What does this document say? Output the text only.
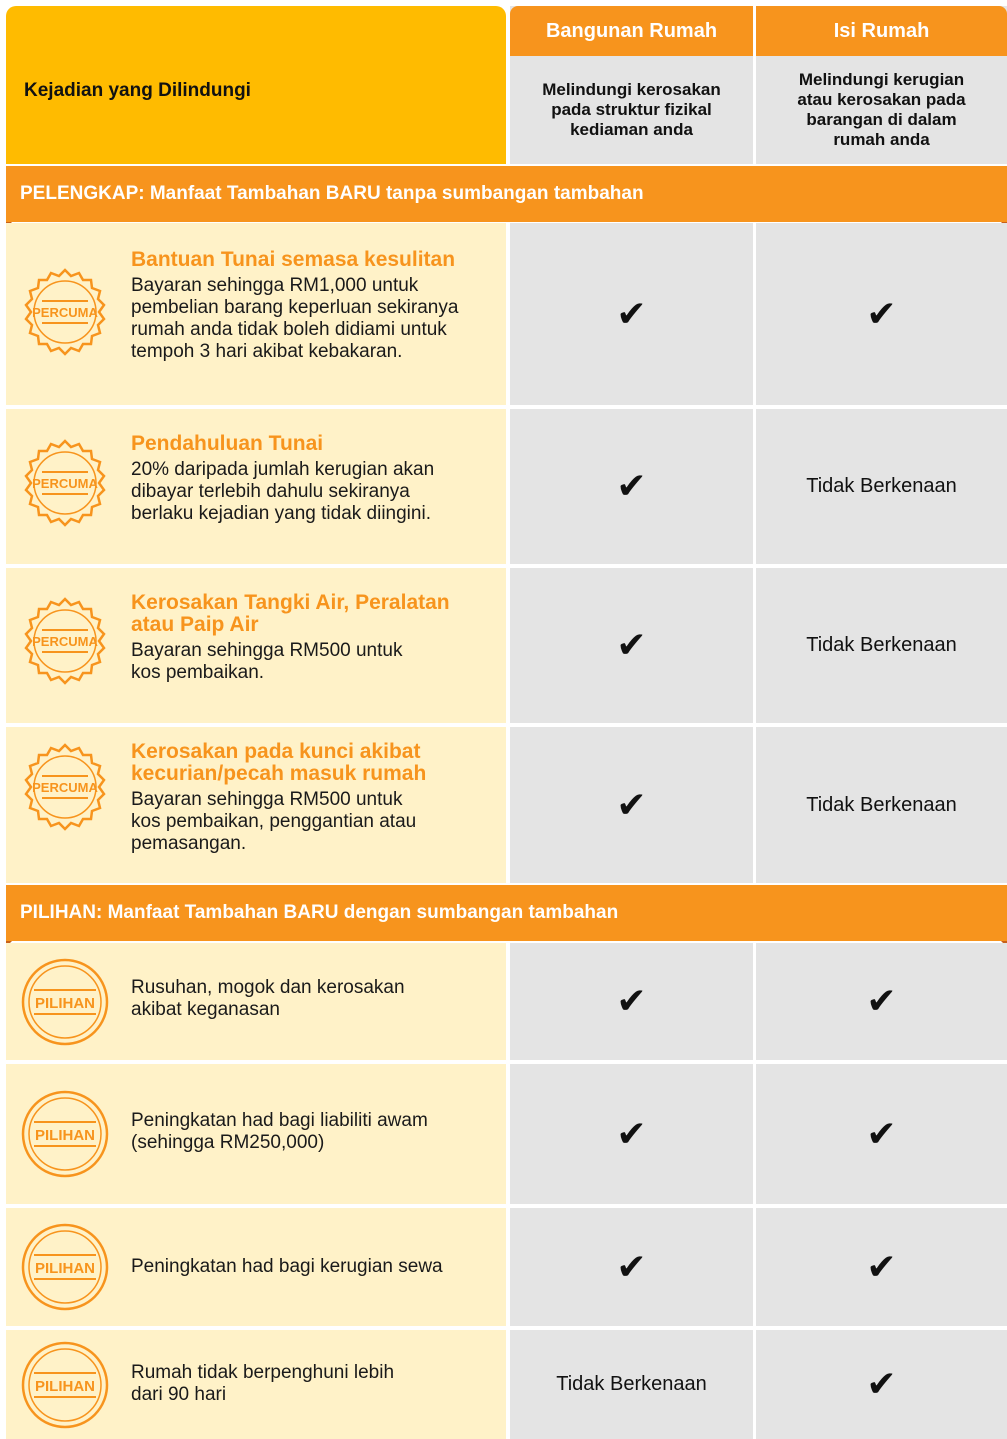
Kejadian yang Dilindungi
Bangunan Rumah
Melindungi kerosakan
pada struktur fizikal
kediaman anda
Isi Rumah
Melindungi kerugian
atau kerosakan pada
barangan di dalam
rumah anda
PELENGKAP: Manfaat Tambahan BARU tanpa sumbangan tambahan
PERCUMA
Bantuan Tunai semasa kesulitan
Bayaran sehingga RM1,000 untuk
pembelian barang keperluan sekiranya
rumah anda tidak boleh didiami untuk
tempoh 3 hari akibat kebakaran.
✔	✔
PERCUMA
Pendahuluan Tunai
20% daripada jumlah kerugian akan
dibayar terlebih dahulu sekiranya
berlaku kejadian yang tidak diingini.
✔	Tidak Berkenaan
PERCUMA
Kerosakan Tangki Air, Peralatan
atau Paip Air
Bayaran sehingga RM500 untuk
kos pembaikan.
✔	Tidak Berkenaan
PERCUMA
Kerosakan pada kunci akibat
kecurian/pecah masuk rumah
Bayaran sehingga RM500 untuk
kos pembaikan, penggantian atau
pemasangan.
✔	Tidak Berkenaan
PILIHAN: Manfaat Tambahan BARU dengan sumbangan tambahan
PILIHAN
Rusuhan, mogok dan kerosakan
akibat keganasan	✔	✔
PILIHAN
Peningkatan had bagi liabiliti awam
(sehingga RM250,000)	✔	✔
PILIHAN Peningkatan had bagi kerugian sewa	✔	✔
PILIHAN
Rumah tidak berpenghuni lebih
dari 90 hari	Tidak Berkenaan	✔
